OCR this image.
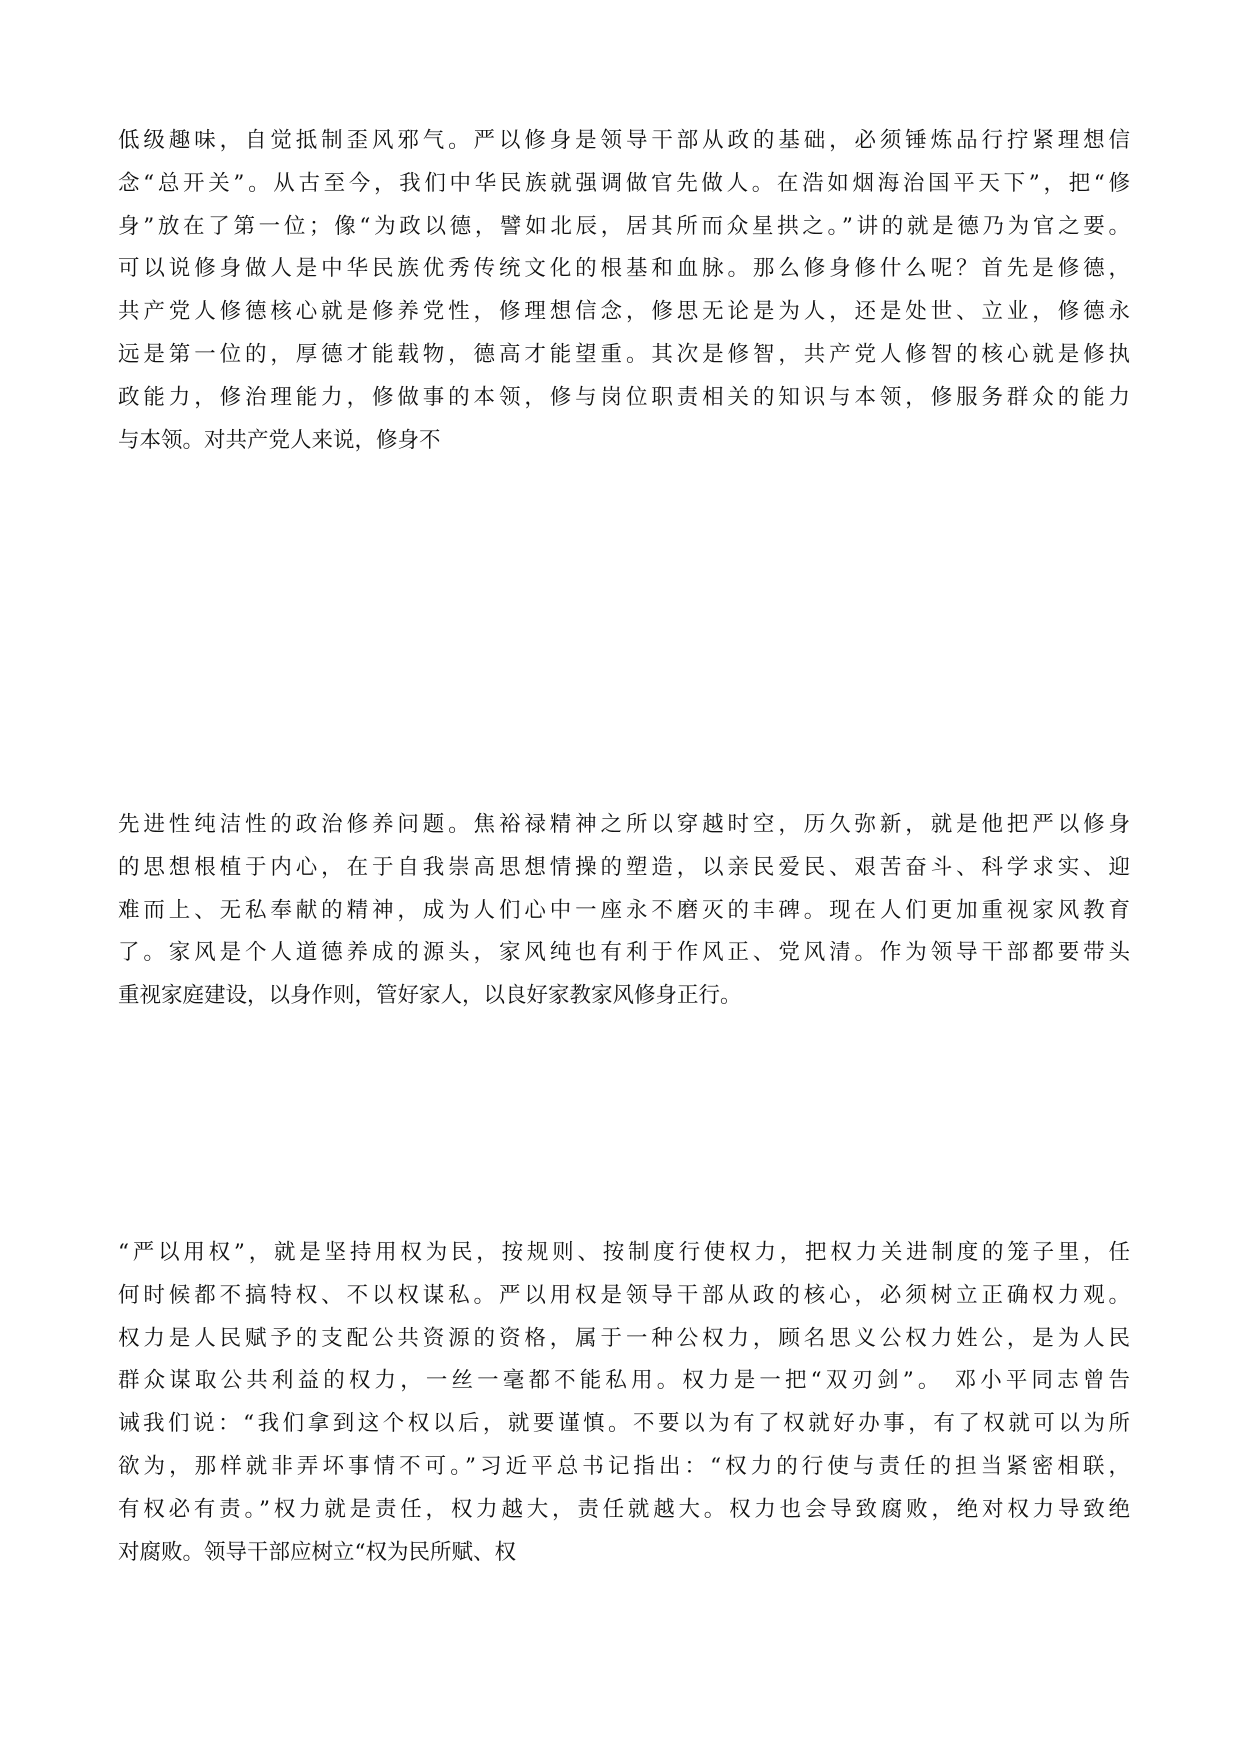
低级趣味，自觉抵制歪风邪气。严以修身是领导干部从政的基础，必须锤炼品行拧紧理想信
念“总开关”。从古至今，我们中华民族就强调做官先做人。在浩如烟海治国平天下”，把“修
身”放在了第一位；像“为政以德，譬如北辰，居其所而众星拱之。”讲的就是德乃为官之要。
可以说修身做人是中华民族优秀传统文化的根基和血脉。那么修身修什么呢？首先是修德，
共产党人修德核心就是修养党性，修理想信念，修思无论是为人，还是处世、立业，修德永
远是第一位的，厚德才能载物，德高才能望重。其次是修智，共产党人修智的核心就是修执
政能力，修治理能力，修做事的本领，修与岗位职责相关的知识与本领，修服务群众的能力
与本领。对共产党人来说，修身不
先进性纯洁性的政治修养问题。焦裕禄精神之所以穿越时空，历久弥新，就是他把严以修身
的思想根植于内心，在于自我崇高思想情操的塑造，以亲民爱民、艰苦奋斗、科学求实、迎
难而上、无私奉献的精神，成为人们心中一座永不磨灭的丰碑。现在人们更加重视家风教育
了。家风是个人道德养成的源头，家风纯也有利于作风正、党风清。作为领导干部都要带头
重视家庭建设，以身作则，管好家人，以良好家教家风修身正行。
“严以用权”，就是坚持用权为民，按规则、按制度行使权力，把权力关进制度的笼子里，任
何时候都不搞特权、不以权谋私。严以用权是领导干部从政的核心，必须树立正确权力观。
权力是人民赋予的支配公共资源的资格，属于一种公权力，顾名思义公权力姓公，是为人民
群众谋取公共利益的权力，一丝一毫都不能私用。权力是一把“双刃剑”。 邓小平同志曾告
诫我们说：“我们拿到这个权以后，就要谨慎。不要以为有了权就好办事，有了权就可以为所
欲为，那样就非弄坏事情不可。”习近平总书记指出：“权力的行使与责任的担当紧密相联，
有权必有责。”权力就是责任，权力越大，责任就越大。权力也会导致腐败，绝对权力导致绝
对腐败。领导干部应树立“权为民所赋、权
